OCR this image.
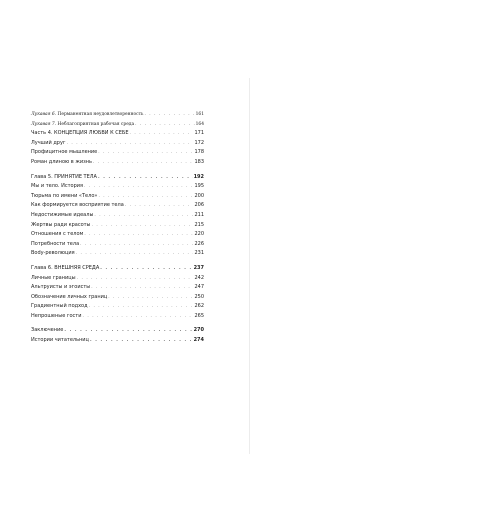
Лукавая 6. Перманентная неудовлетворенность . . .	161
Лукавая 7. Неблагоприятная рабочая среда . . .	164
Часть 4. КОНЦЕПЦИЯ ЛЮБВИ К СЕБЕ . . .	171
Лучший друг . . .	172
Профицитное мышление . . .	178
Роман длиною в жизнь . . .	183
Глава 5. ПРИНЯТИЕ ТЕЛА . . .	192
Мы и тело. История . . .	195
Тюрьма по имени «Тело» . . .	200
Как формируется восприятие тела . . .	206
Недостижимые идеалы . . .	211
Жертвы ради красоты . . .	215
Отношения с телом . . .	220
Потребности тела . . .	226
Body-революция . . .	231
Глава 6. ВНЕШНЯЯ СРЕДА . . .	237
Личные границы . . .	242
Альтруисты и эгоисты . . .	247
Обозначение личных границ . . .	250
Градиентный подход . . .	262
Непрошеные гости . . .	265
Заключение . . .	270
Истории читательниц . . .	274
